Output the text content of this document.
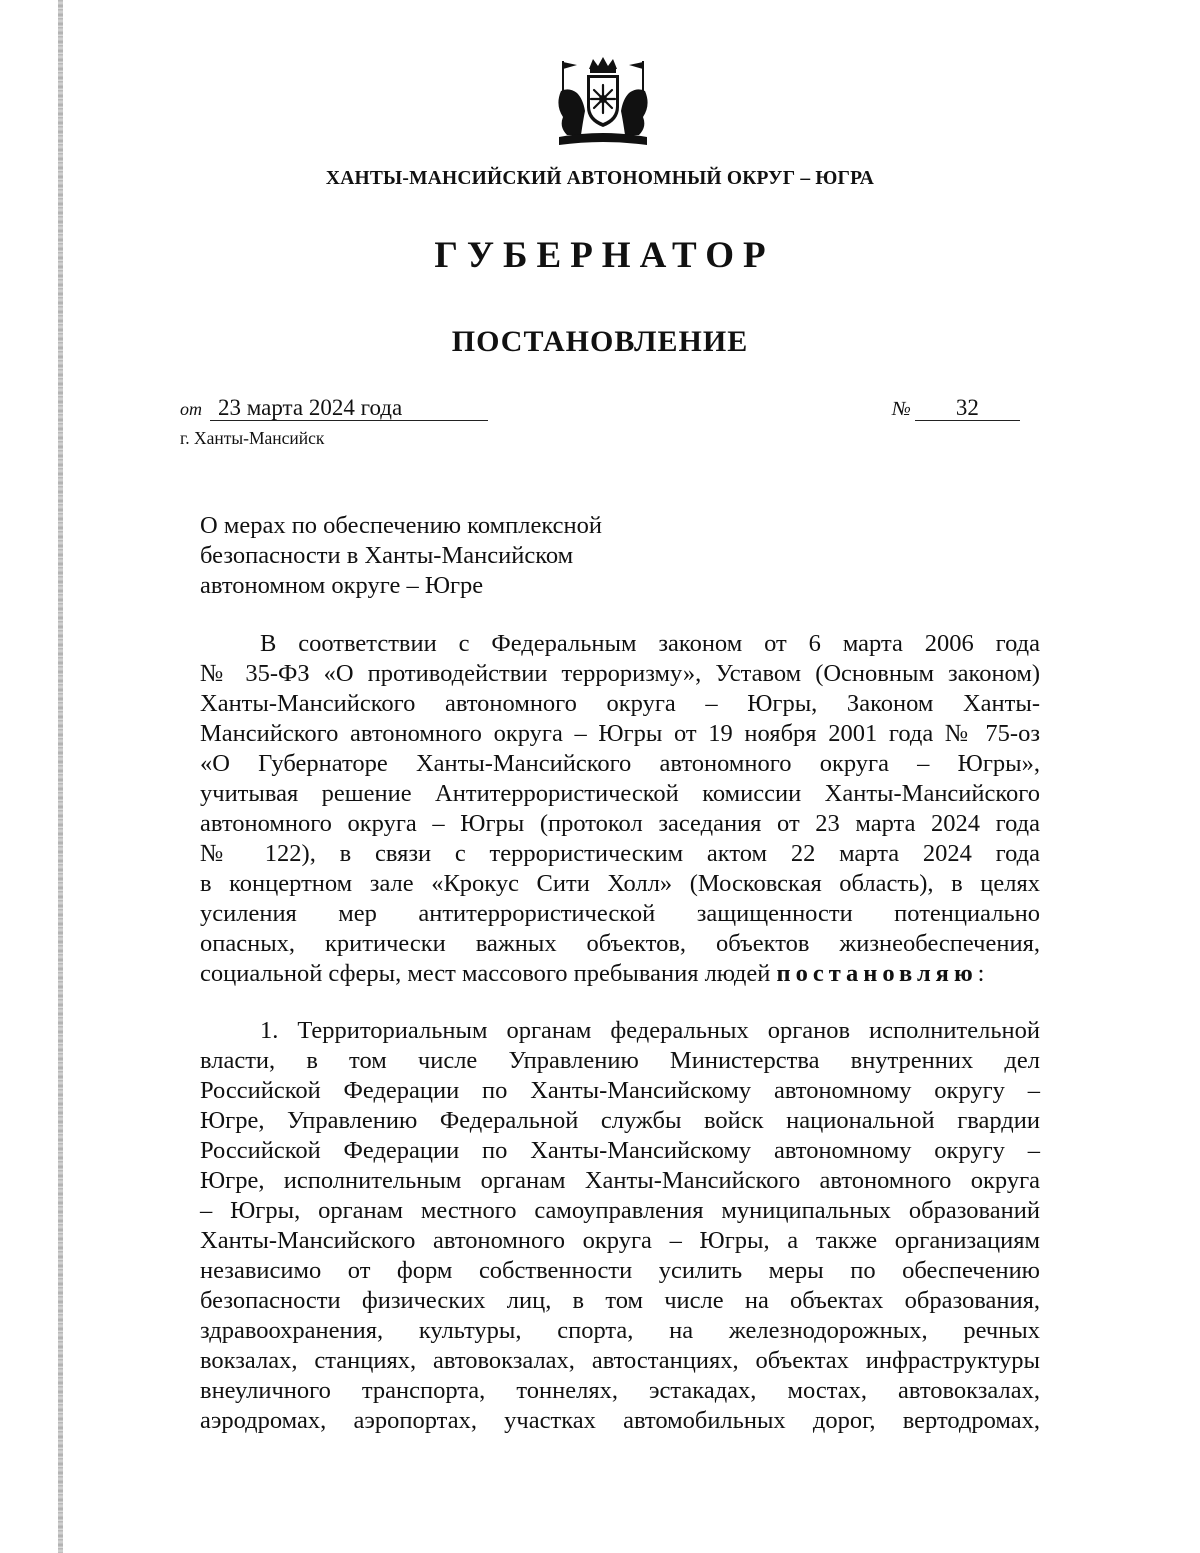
ХАНТЫ-МАНСИЙСКИЙ АВТОНОМНЫЙ ОКРУГ – ЮГРА
ГУБЕРНАТОР
ПОСТАНОВЛЕНИЕ
от 23 марта 2024 года	№ 32
г. Ханты-Мансийск
О мерах по обеспечению комплексной
безопасности в Ханты-Мансийском
автономном округе – Югре
В соответствии с Федеральным законом от 6 марта 2006 года
№ 35-ФЗ «О противодействии терроризму», Уставом (Основным законом)
Ханты-Мансийского автономного округа – Югры, Законом Ханты-
Мансийского автономного округа – Югры от 19 ноября 2001 года № 75-оз
«О Губернаторе Ханты-Мансийского автономного округа – Югры»,
учитывая решение Антитеррористической комиссии Ханты-Мансийского
автономного округа – Югры (протокол заседания от 23 марта 2024 года
№ 122), в связи с террористическим актом 22 марта 2024 года
в концертном зале «Крокус Сити Холл» (Московская область), в целях
усиления мер антитеррористической защищенности потенциально
опасных, критически важных объектов, объектов жизнеобеспечения,
социальной сферы, мест массового пребывания людей постановляю:
1. Территориальным органам федеральных органов исполнительной
власти, в том числе Управлению Министерства внутренних дел
Российской Федерации по Ханты-Мансийскому автономному округу –
Югре, Управлению Федеральной службы войск национальной гвардии
Российской Федерации по Ханты-Мансийскому автономному округу –
Югре, исполнительным органам Ханты-Мансийского автономного округа
– Югры, органам местного самоуправления муниципальных образований
Ханты-Мансийского автономного округа – Югры, а также организациям
независимо от форм собственности усилить меры по обеспечению
безопасности физических лиц, в том числе на объектах образования,
здравоохранения, культуры, спорта, на железнодорожных, речных
вокзалах, станциях, автовокзалах, автостанциях, объектах инфраструктуры
внеуличного транспорта, тоннелях, эстакадах, мостах, автовокзалах,
аэродромах, аэропортах, участках автомобильных дорог, вертодромах,
